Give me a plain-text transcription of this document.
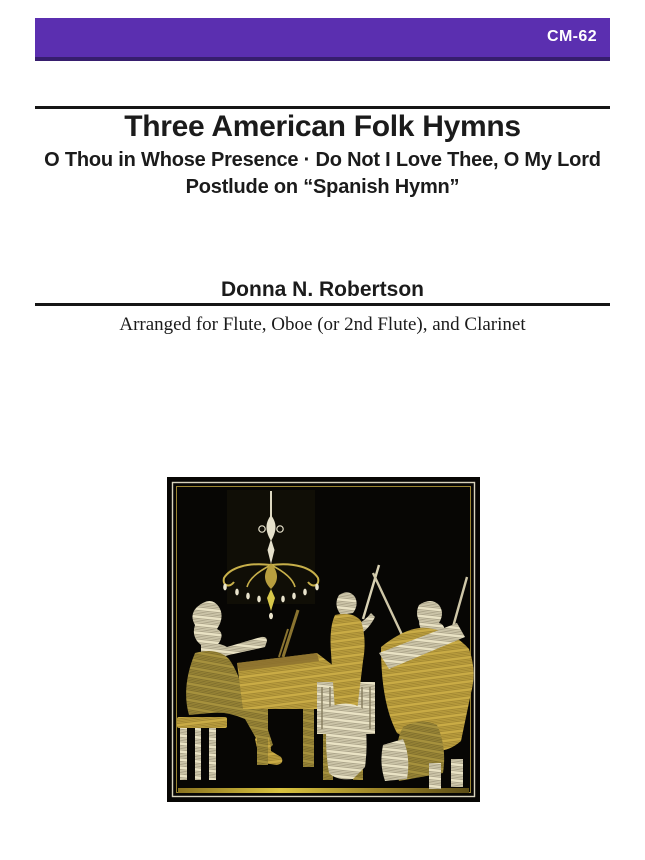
CM-62
Three American Folk Hymns
O Thou in Whose Presence · Do Not I Love Thee, O My Lord
Postlude on “Spanish Hymn”
Donna N. Robertson
Arranged for Flute, Oboe (or 2nd Flute), and Clarinet
